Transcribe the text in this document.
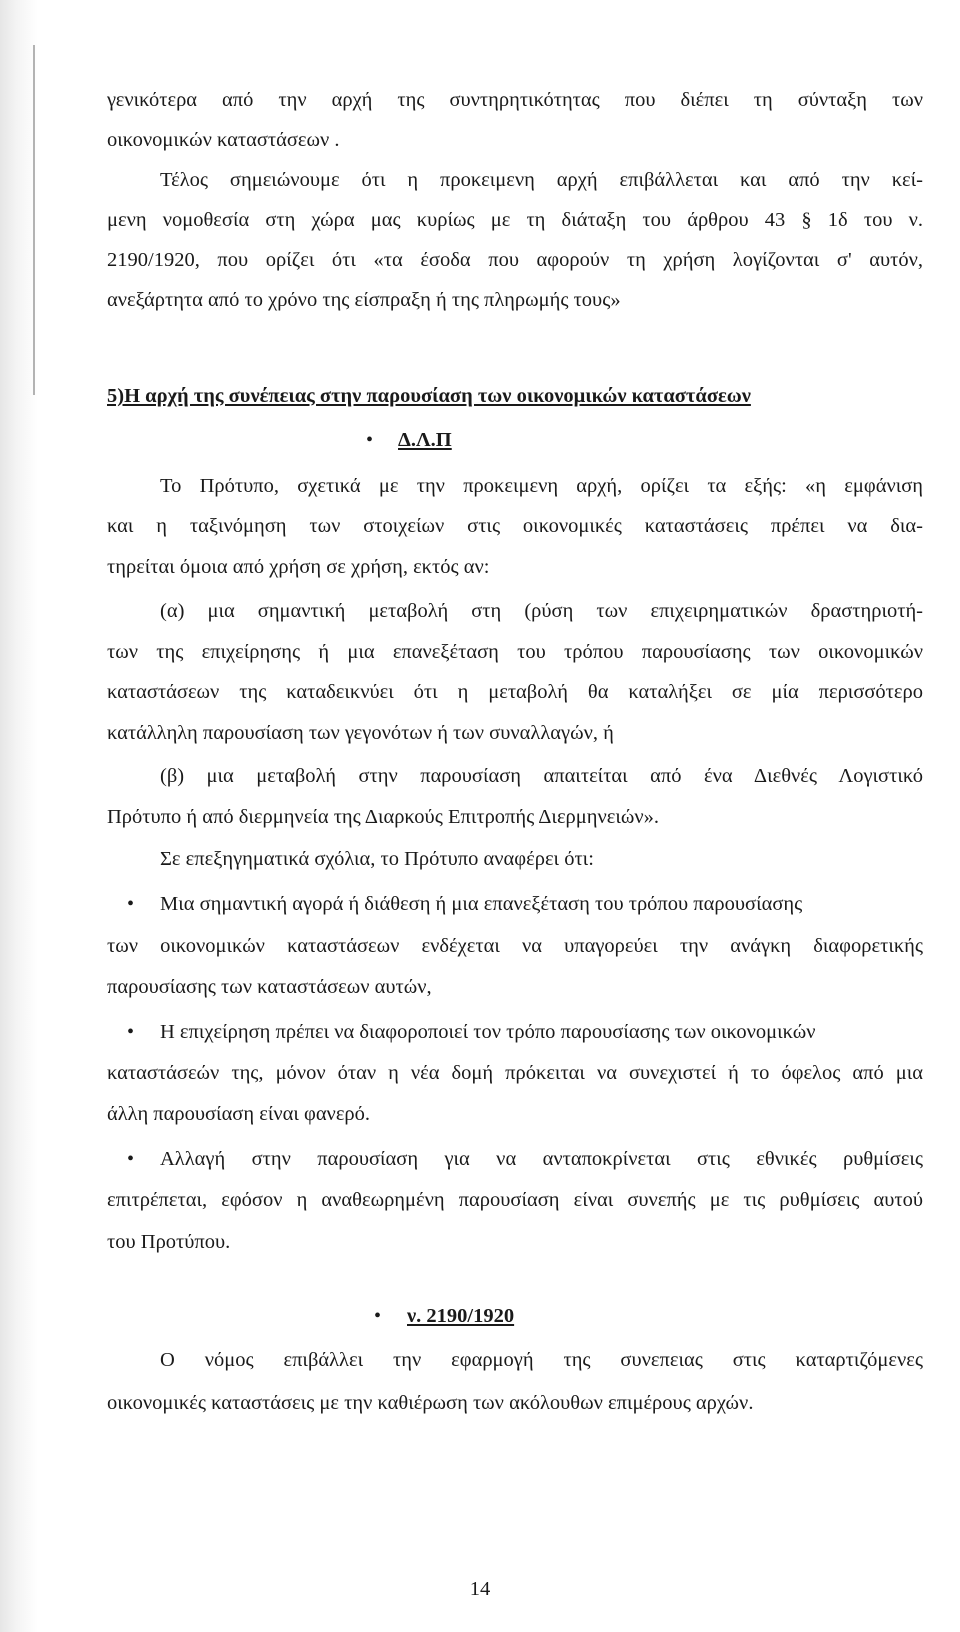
γενικότερα από την αρχή της συντηρητικότητας που διέπει τη σύνταξη των

οικονομικών καταστάσεων .

Τέλος σημειώνουμε ότι η προκειμενη αρχή επιβάλλεται και από την κεί-

μενη νομοθεσία στη χώρα μας κυρίως με τη διάταξη του άρθρου 43 § 1δ του ν.

2190/1920, που ορίζει ότι «τα έσοδα που αφορούν τη χρήση λογίζονται σ' αυτόν,

ανεξάρτητα από το χρόνο της είσπραξη ή της πληρωμής τους»

5)Η αρχή της συνέπειας στην παρουσίαση των οικονομικών καταστάσεων
• Δ.Λ.Π

Το Πρότυπο, σχετικά με την προκειμενη αρχή, ορίζει τα εξής: «η εμφάνιση

και η ταξινόμηση των στοιχείων στις οικονομικές καταστάσεις πρέπει να δια-

τηρείται όμοια από χρήση σε χρήση, εκτός αν:

(α) μια σημαντική μεταβολή στη (ρύση των επιχειρηματικών δραστηριοτή-

των της επιχείρησης ή μια επανεξέταση του τρόπου παρουσίασης των οικονομικών

καταστάσεων της καταδεικνύει ότι η μεταβολή θα καταλήξει σε μία περισσότερο

κατάλληλη παρουσίαση των γεγονότων ή των συναλλαγών, ή

(β) μια μεταβολή στην παρουσίαση απαιτείται από ένα Διεθνές Λογιστικό

Πρότυπο ή από διερμηνεία της Διαρκούς Επιτροπής Διερμηνειών».

Σε επεξηγηματικά σχόλια, το Πρότυπο αναφέρει ότι:

• Μια σημαντική αγορά ή διάθεση ή μια επανεξέταση του τρόπου παρουσίασης

των οικονομικών καταστάσεων ενδέχεται να υπαγορεύει την ανάγκη διαφορετικής

παρουσίασης των καταστάσεων αυτών,

• Η επιχείρηση πρέπει να διαφοροποιεί τον τρόπο παρουσίασης των οικονομικών

καταστάσεών της, μόνον όταν η νέα δομή πρόκειται να συνεχιστεί ή το όφελος από μια

άλλη παρουσίαση είναι φανερό.

• Αλλαγή στην παρουσίαση για να ανταποκρίνεται στις εθνικές ρυθμίσεις

επιτρέπεται, εφόσον η αναθεωρημένη παρουσίαση είναι συνεπής με τις ρυθμίσεις αυτού

του Προτύπου.

• ν. 2190/1920

Ο νόμος επιβάλλει την εφαρμογή της συνεπειας στις καταρτιζόμενες

οικονομικές καταστάσεις με την καθιέρωση των ακόλουθων επιμέρους αρχών.

14
